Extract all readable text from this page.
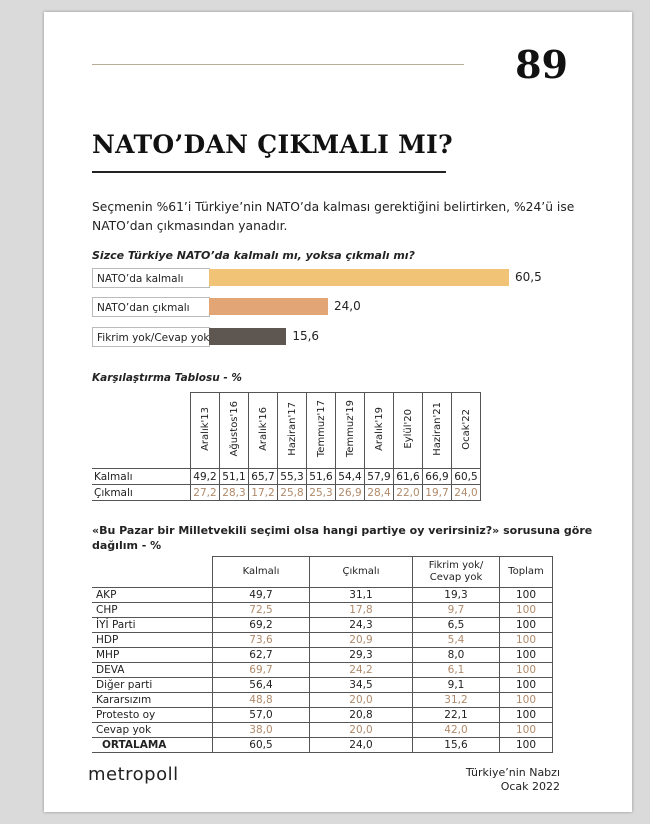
89
NATO’DAN ÇIKMALI MI?
Seçmenin %61’i Türkiye’nin NATO’da kalması gerektiğini belirtirken, %24’ü ise NATO’dan çıkmasından yanadır.
Sizce Türkiye NATO’da kalmalı mı, yoksa çıkmalı mı?
NATO’da kalmalı	60,5
NATO’dan çıkmalı	24,0
Fikrim yok/Cevap yok	15,6
Karşılaştırma Tablosu - %
	Aralık'13	Ağustos'16	Aralık'16	Haziran'17	Temmuz'17	Temmuz'19	Aralık'19	Eylül'20	Haziran'21	Ocak'22
Kalmalı	49,2	51,1	65,7	55,3	51,6	54,4	57,9	61,6	66,9	60,5
Çıkmalı	27,2	28,3	17,2	25,8	25,3	26,9	28,4	22,0	19,7	24,0
«Bu Pazar bir Milletvekili seçimi olsa hangi partiye oy verirsiniz?» sorusuna göre dağılım - %
	Kalmalı	Çıkmalı	Fikrim yok/ Cevap yok	Toplam
AKP	49,7	31,1	19,3	100
CHP	72,5	17,8	9,7	100
İYİ Parti	69,2	24,3	6,5	100
HDP	73,6	20,9	5,4	100
MHP	62,7	29,3	8,0	100
DEVA	69,7	24,2	6,1	100
Diğer parti	56,4	34,5	9,1	100
Kararsızım	48,8	20,0	31,2	100
Protesto oy	57,0	20,8	22,1	100
Cevap yok	38,0	20,0	42,0	100
ORTALAMA	60,5	24,0	15,6	100
metropoll	Türkiye’nin Nabzı
Ocak 2022
